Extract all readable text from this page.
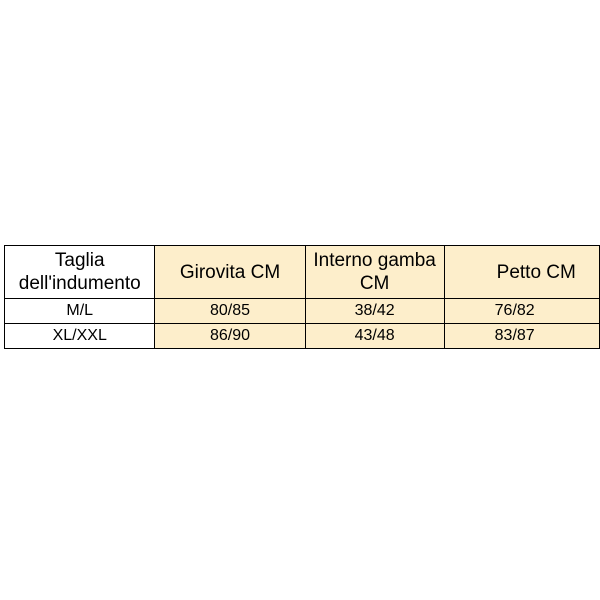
Taglia dell'indumento	Girovita CM	Interno gamba CM	Petto CM
M/L	80/85	38/42	76/82
XL/XXL	86/90	43/48	83/87
